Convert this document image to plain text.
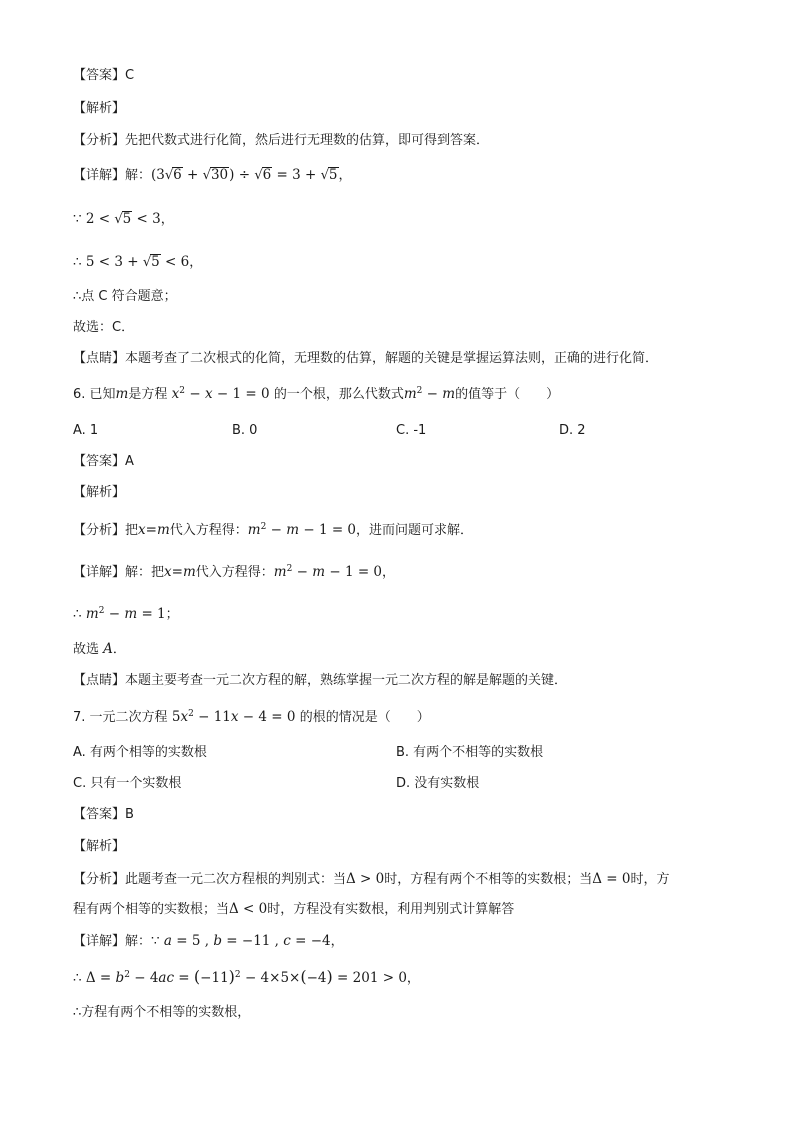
【答案】C
【解析】
【分析】先把代数式进行化简，然后进行无理数的估算，即可得到答案．
【详解】解：(3√6 + √30) ÷ √6 = 3 + √5，
∵ 2 < √5 < 3，
∴ 5 < 3 + √5 < 6，
∴点 C 符合题意；
故选：C．
【点睛】本题考查了二次根式的化简，无理数的估算，解题的关键是掌握运算法则，正确的进行化简．
6. 已知m是方程 $x^2 - x - 1 = 0$ 的一个根，那么代数式$m^2 - m$的值等于（　　）
A. 1	B. 0	C. -1	D. 2
【答案】A
【解析】
【分析】把x=m代入方程得：$m^2 - m - 1 = 0$，进而问题可求解．
【详解】解：把x=m代入方程得：$m^2 - m - 1 = 0$，
∴ $m^2 - m = 1$；
故选 A．
【点睛】本题主要考查一元二次方程的解，熟练掌握一元二次方程的解是解题的关键．
7. 一元二次方程 $5x^2 - 11x - 4 = 0$ 的根的情况是（　　）
A. 有两个相等的实数根	B. 有两个不相等的实数根
C. 只有一个实数根	D. 没有实数根
【答案】B
【解析】
【分析】此题考查一元二次方程根的判别式：当Δ > 0时，方程有两个不相等的实数根；当Δ = 0时，方
程有两个相等的实数根；当Δ < 0时，方程没有实数根，利用判别式计算解答
【详解】解：∵ a = 5 , b = −11 , c = −4，
∴ $\Delta = b^2 - 4ac = (-11)^2 - 4\times 5\times(-4) = 201 > 0$，
∴方程有两个不相等的实数根，
